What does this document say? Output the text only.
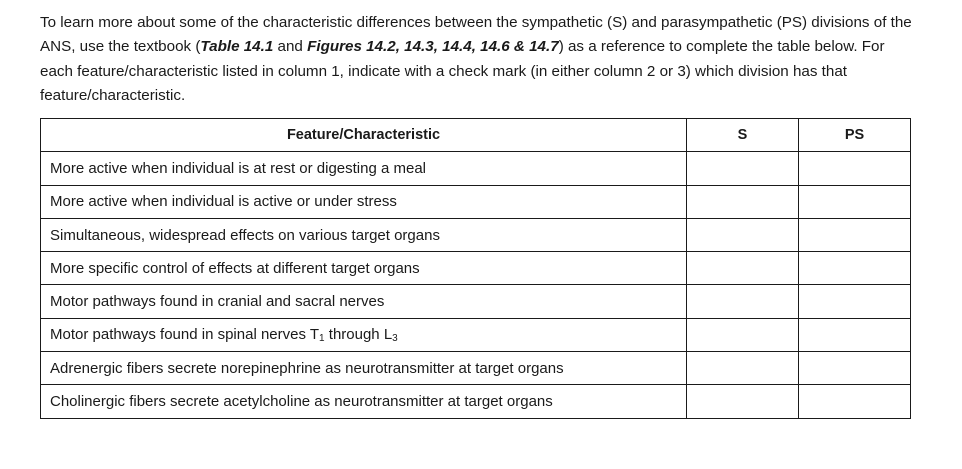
To learn more about some of the characteristic differences between the sympathetic (S) and parasympathetic (PS) divisions of the ANS, use the textbook (Table 14.1 and Figures 14.2, 14.3, 14.4, 14.6 & 14.7) as a reference to complete the table below. For each feature/characteristic listed in column 1, indicate with a check mark (in either column 2 or 3) which division has that feature/characteristic.

Feature/Characteristic	S	PS
More active when individual is at rest or digesting a meal		
More active when individual is active or under stress		
Simultaneous, widespread effects on various target organs		
More specific control of effects at different target organs		
Motor pathways found in cranial and sacral nerves		
Motor pathways found in spinal nerves $T_1$ through $L_3$		
Adrenergic fibers secrete norepinephrine as neurotransmitter at target organs		
Cholinergic fibers secrete acetylcholine as neurotransmitter at target organs		
